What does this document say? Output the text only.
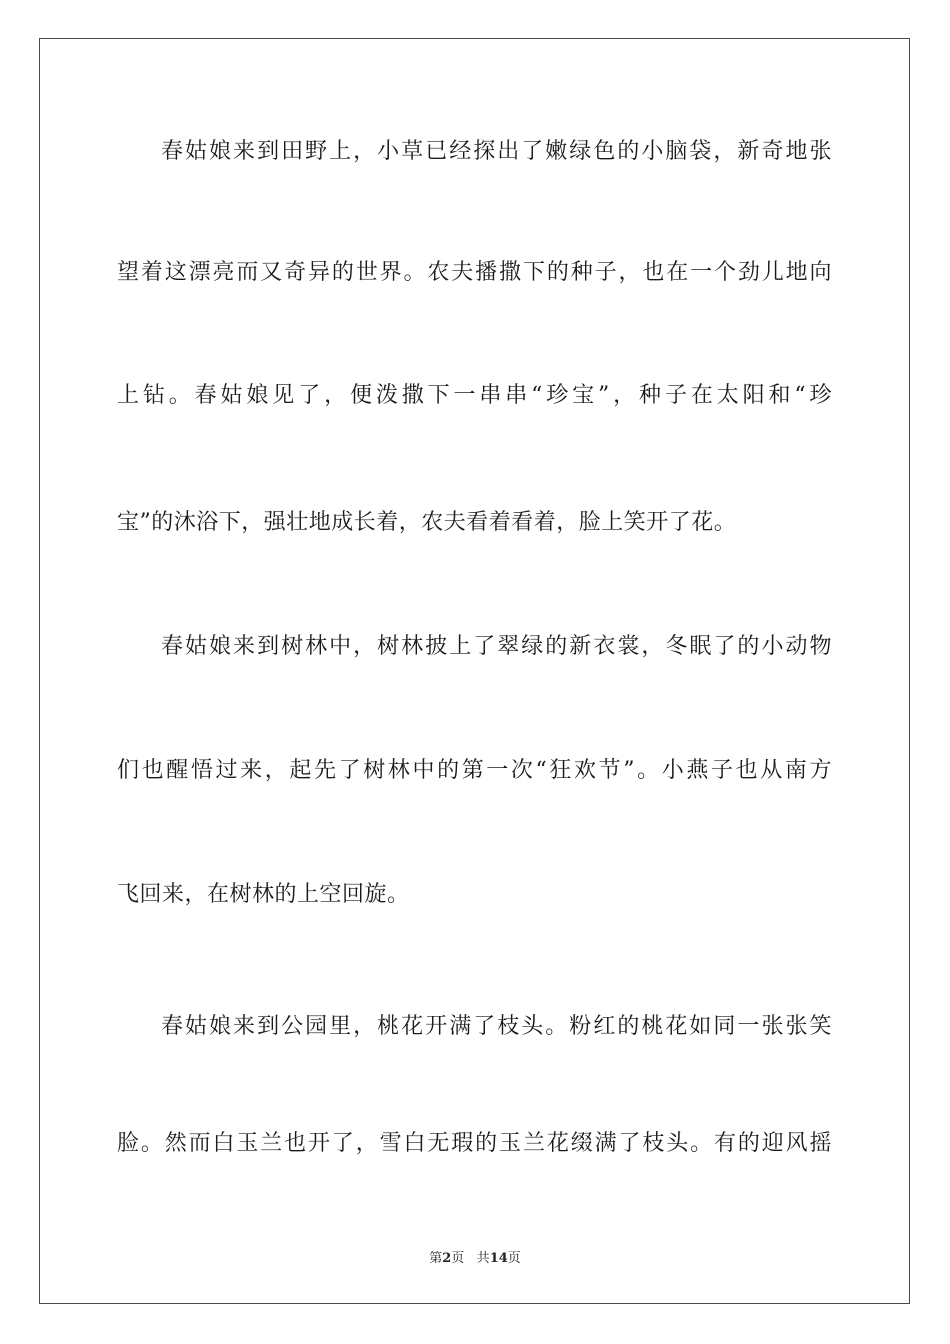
春姑娘来到田野上，小草已经探出了嫩绿色的小脑袋，新奇地张
望着这漂亮而又奇异的世界。农夫播撒下的种子，也在一个劲儿地向
上钻。春姑娘见了，便泼撒下一串串“珍宝”，种子在太阳和“珍
宝”的沐浴下，强壮地成长着，农夫看着看着，脸上笑开了花。
春姑娘来到树林中，树林披上了翠绿的新衣裳，冬眠了的小动物
们也醒悟过来，起先了树林中的第一次“狂欢节”。小燕子也从南方
飞回来，在树林的上空回旋。
春姑娘来到公园里，桃花开满了枝头。粉红的桃花如同一张张笑
脸。然而白玉兰也开了，雪白无瑕的玉兰花缀满了枝头。有的迎风摇
第2页 共14页
